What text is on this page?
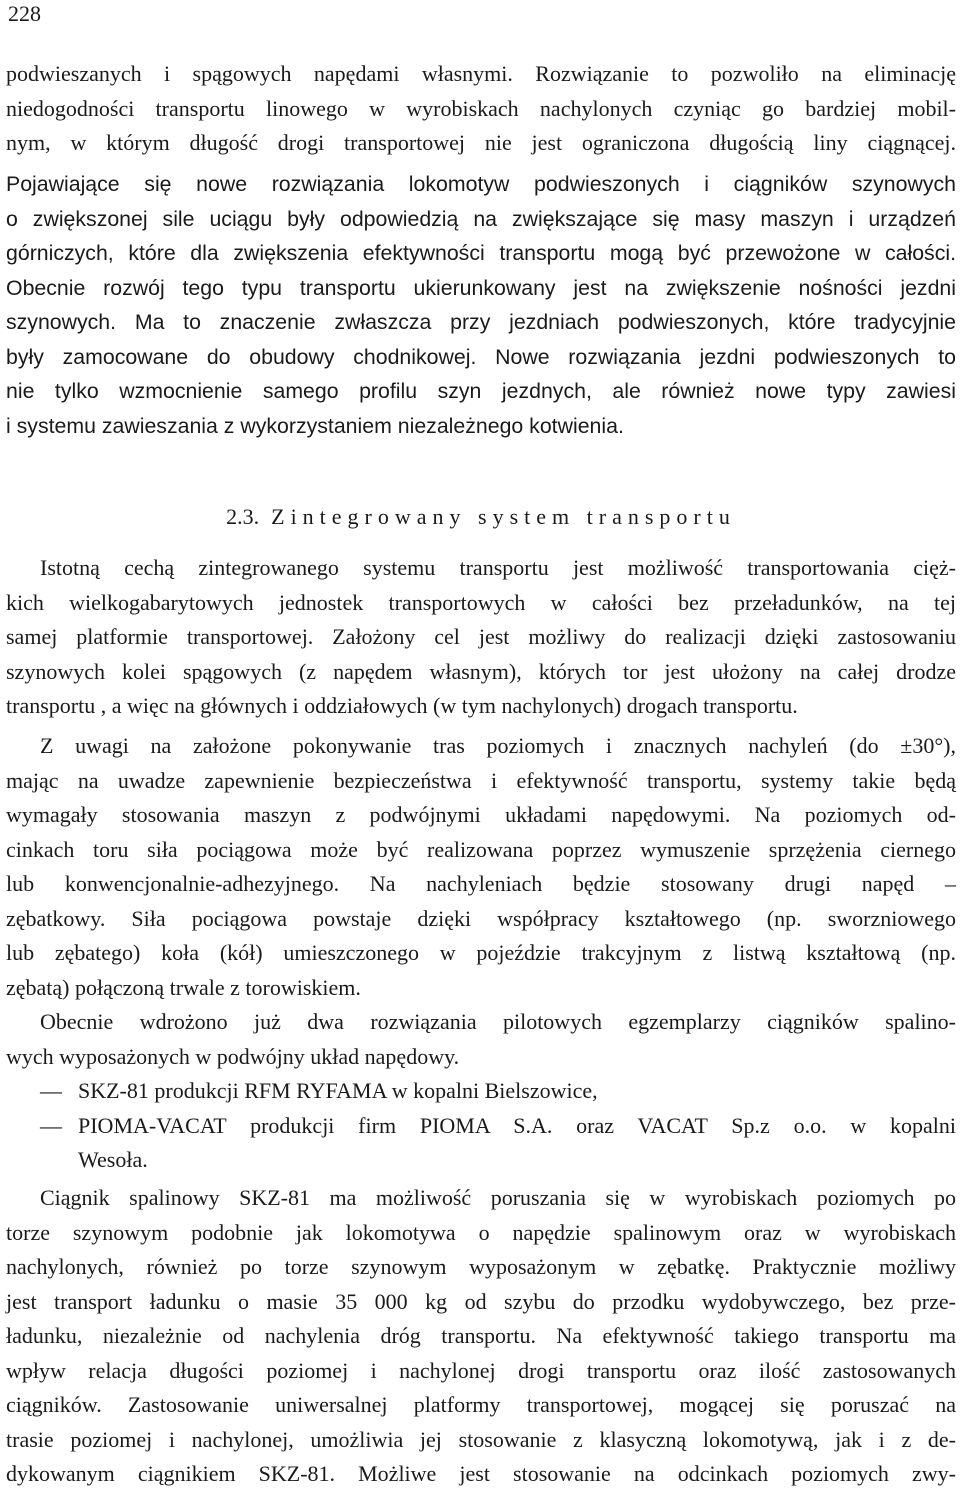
228
podwieszanych i spągowych napędami własnymi. Rozwiązanie to pozwoliło na eliminację
niedogodności transportu linowego w wyrobiskach nachylonych czyniąc go bardziej mobil-
nym, w którym długość drogi transportowej nie jest ograniczona długością liny ciągnącej.
Pojawiające się nowe rozwiązania lokomotyw podwieszonych i ciągników szynowych
o zwiększonej sile uciągu były odpowiedzią na zwiększające się masy maszyn i urządzeń
górniczych, które dla zwiększenia efektywności transportu mogą być przewożone w całości.
Obecnie rozwój tego typu transportu ukierunkowany jest na zwiększenie nośności jezdni
szynowych. Ma to znaczenie zwłaszcza przy jezdniach podwieszonych, które tradycyjnie
były zamocowane do obudowy chodnikowej. Nowe rozwiązania jezdni podwieszonych to
nie tylko wzmocnienie samego profilu szyn jezdnych, ale również nowe typy zawiesi
i systemu zawieszania z wykorzystaniem niezależnego kotwienia.
2.3. Zintegrowany system transportu
Istotną cechą zintegrowanego systemu transportu jest możliwość transportowania cięż-
kich wielkogabarytowych jednostek transportowych w całości bez przeładunków, na tej
samej platformie transportowej. Założony cel jest możliwy do realizacji dzięki zastosowaniu
szynowych kolei spągowych (z napędem własnym), których tor jest ułożony na całej drodze
transportu , a więc na głównych i oddziałowych (w tym nachylonych) drogach transportu.
Z uwagi na założone pokonywanie tras poziomych i znacznych nachyleń (do ±30°),
mając na uwadze zapewnienie bezpieczeństwa i efektywność transportu, systemy takie będą
wymagały stosowania maszyn z podwójnymi układami napędowymi. Na poziomych od-
cinkach toru siła pociągowa może być realizowana poprzez wymuszenie sprzężenia ciernego
lub konwencjonalnie-adhezyjnego. Na nachyleniach będzie stosowany drugi napęd –
zębatkowy. Siła pociągowa powstaje dzięki współpracy kształtowego (np. sworzniowego
lub zębatego) koła (kół) umieszczonego w pojeździe trakcyjnym z listwą kształtową (np.
zębatą) połączoną trwale z torowiskiem.
Obecnie wdrożono już dwa rozwiązania pilotowych egzemplarzy ciągników spalino-
wych wyposażonych w podwójny układ napędowy.
— SKZ-81 produkcji RFM RYFAMA w kopalni Bielszowice,
— PIOMA-VACAT produkcji firm PIOMA S.A. oraz VACAT Sp.z o.o. w kopalni
Wesoła.
Ciągnik spalinowy SKZ-81 ma możliwość poruszania się w wyrobiskach poziomych po
torze szynowym podobnie jak lokomotywa o napędzie spalinowym oraz w wyrobiskach
nachylonych, również po torze szynowym wyposażonym w zębatkę. Praktycznie możliwy
jest transport ładunku o masie 35 000 kg od szybu do przodku wydobywczego, bez prze-
ładunku, niezależnie od nachylenia dróg transportu. Na efektywność takiego transportu ma
wpływ relacja długości poziomej i nachylonej drogi transportu oraz ilość zastosowanych
ciągników. Zastosowanie uniwersalnej platformy transportowej, mogącej się poruszać na
trasie poziomej i nachylonej, umożliwia jej stosowanie z klasyczną lokomotywą, jak i z de-
dykowanym ciągnikiem SKZ-81. Możliwe jest stosowanie na odcinkach poziomych zwy-
